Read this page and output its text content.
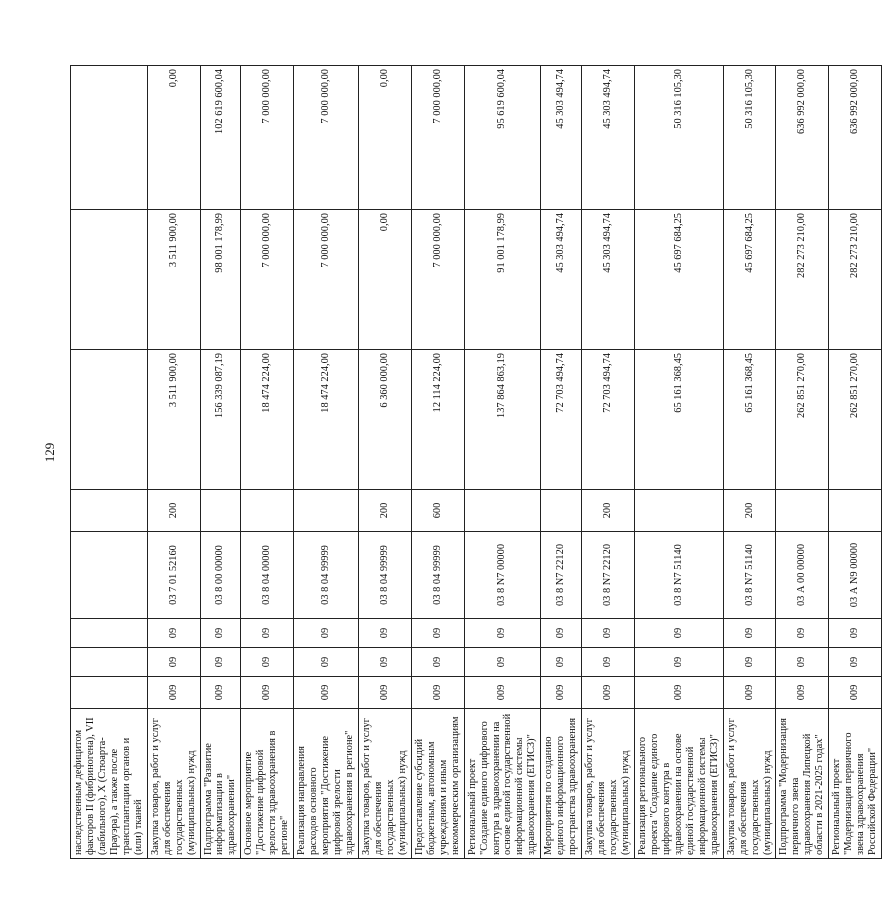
129
наследственным дефицитом факторов II (фибриногена), VII (лабильного), X (Стюарта-Прауэра), а также после трансплантации органов и (или) тканей								
Закупка товаров, работ и услуг для обеспечения государственных (муниципальных) нужд	009	09	09	03 7 01 52160	200	3 511 900,00	3 511 900,00	0,00
Подпрограмма "Развитие информатизации в здравоохранении"	009	09	09	03 8 00 00000		156 339 087,19	98 001 178,99	102 619 600,04
Основное мероприятие "Достижение цифровой зрелости здравоохранения в регионе"	009	09	09	03 8 04 00000		18 474 224,00	7 000 000,00	7 000 000,00
Реализация направления расходов основного мероприятия "Достижение цифровой зрелости здравоохранения в регионе"	009	09	09	03 8 04 99999		18 474 224,00	7 000 000,00	7 000 000,00
Закупка товаров, работ и услуг для обеспечения государственных (муниципальных) нужд	009	09	09	03 8 04 99999	200	6 360 000,00	0,00	0,00
Предоставление субсидий бюджетным, автономным учреждениям и иным некоммерческим организациям	009	09	09	03 8 04 99999	600	12 114 224,00	7 000 000,00	7 000 000,00
Региональный проект "Создание единого цифрового контура в здравоохранении на основе единой государственной информационной системы здравоохранения (ЕГИСЗ)"	009	09	09	03 8 N7 00000		137 864 863,19	91 001 178,99	95 619 600,04
Мероприятия по созданию единого информационного пространства здравоохранения	009	09	09	03 8 N7 22120		72 703 494,74	45 303 494,74	45 303 494,74
Закупка товаров, работ и услуг для обеспечения государственных (муниципальных) нужд	009	09	09	03 8 N7 22120	200	72 703 494,74	45 303 494,74	45 303 494,74
Реализация регионального проекта "Создание единого цифрового контура в здравоохранении на основе единой государственной информационной системы здравоохранения (ЕГИСЗ)"	009	09	09	03 8 N7 51140		65 161 368,45	45 697 684,25	50 316 105,30
Закупка товаров, работ и услуг для обеспечения государственных (муниципальных) нужд	009	09	09	03 8 N7 51140	200	65 161 368,45	45 697 684,25	50 316 105,30
Подпрограмма "Модернизация первичного звена здравоохранения Липецкой области в 2021-2025 годах"	009	09	09	03 А 00 00000		262 851 270,00	282 273 210,00	636 992 000,00
Региональный проект "Модернизация первичного звена здравоохранения Российской Федерации"	009	09	09	03 А N9 00000		262 851 270,00	282 273 210,00	636 992 000,00
